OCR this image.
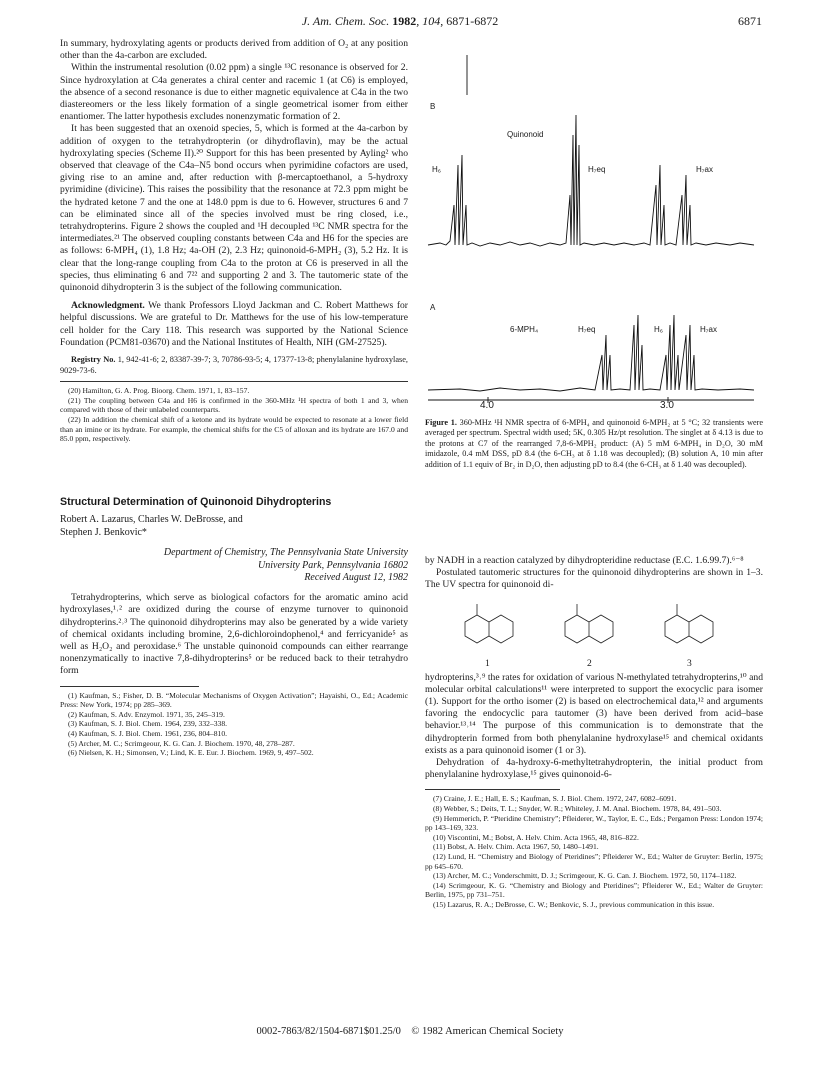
J. Am. Chem. Soc. 1982, 104, 6871-6872	6871

In summary, hydroxylating agents or products derived from addition of O₂ at any position other than the 4a-carbon are excluded.

Within the instrumental resolution (0.02 ppm) a single ¹³C resonance is observed for 2. Since hydroxylation at C4a generates a chiral center and racemic 1 (at C6) is employed, the absence of a second resonance is due to either magnetic equivalence at C4a in the two diastereomers or the less likely formation of a single geometrical isomer from either enantiomer. The latter hypothesis excludes nonenzymatic formation of 2.

It has been suggested that an oxenoid species, 5, which is formed at the 4a-carbon by addition of oxygen to the tetrahydropterin (or dihydroflavin), may be the actual hydroxylating species (Scheme II).²⁰ Support for this has been presented by Ayling² who observed that cleavage of the C4a–N5 bond occurs when pyrimidine cofactors are used, giving rise to an amine and, after reduction with β-mercaptoethanol, a 5-hydroxy pyrimidine (divicine). This raises the possibility that the resonance at 72.3 ppm might be the hydrated ketone 7 and the one at 148.0 ppm is due to 6. However, structures 6 and 7 can be eliminated since all of the species involved must be ring closed, i.e., tetrahydropterins. Figure 2 shows the coupled and ¹H decoupled ¹³C NMR spectra for the intermediates.²¹ The observed coupling constants between C4a and H6 for the species are as follows: 6-MPH₄ (1), 1.8 Hz; 4a-OH (2), 2.3 Hz; quinonoid-6-MPH₂ (3), 5.2 Hz. It is clear that the long-range coupling from C4a to the proton at C6 is preserved in all the species, thus eliminating 6 and 7²² and supporting 2 and 3. The tautomeric state of the quinonoid dihydropterin 3 is the subject of the following communication.

Acknowledgment. We thank Professors Lloyd Jackman and C. Robert Matthews for helpful discussions. We are grateful to Dr. Matthews for the use of his low-temperature cell holder for the Cary 118. This research was supported by the National Science Foundation (PCM81-03670) and the National Institutes of Health, NIH (GM-27525).

Registry No. 1, 942-41-6; 2, 83387-39-7; 3, 70786-93-5; 4, 17377-13-8; phenylalanine hydroxylase, 9029-73-6.

(20) Hamilton, G. A. Prog. Bioorg. Chem. 1971, 1, 83–157.

(21) The coupling between C4a and H6 is confirmed in the 360-MHz ¹H spectra of both 1 and 3, when compared with those of their unlabeled counterparts.

(22) In addition the chemical shift of a ketone and its hydrate would be expected to resonate at a lower field than an imine or its hydrate. For example, the chemical shifts for the C5 of alloxan and its hydrate are 167.0 and 85.0 ppm, respectively.

Structural Determination of Quinonoid Dihydropterins
Robert A. Lazarus, Charles W. DeBrosse, and
Stephen J. Benkovic*
Department of Chemistry, The Pennsylvania State University
University Park, Pennsylvania 16802
Received August 12, 1982

Tetrahydropterins, which serve as biological cofactors for the aromatic amino acid hydroxylases,¹˒² are oxidized during the course of enzyme turnover to quinonoid dihydropterins.²˒³ The quinonoid dihydropterins may also be generated by a wide variety of chemical oxidants including bromine, 2,6-dichloroindophenol,⁴ and ferricyanide⁵ as well as H₂O₂ and peroxidase.⁶ The unstable quinonoid compounds can either rearrange nonenzymatically to inactive 7,8-dihydropterins⁵ or be reduced back to their tetrahydro form

(1) Kaufman, S.; Fisher, D. B. “Molecular Mechanisms of Oxygen Activation”; Hayaishi, O., Ed.; Academic Press: New York, 1974; pp 285–369.

(2) Kaufman, S. Adv. Enzymol. 1971, 35, 245–319.

(3) Kaufman, S. J. Biol. Chem. 1964, 239, 332–338.

(4) Kaufman, S. J. Biol. Chem. 1961, 236, 804–810.

(5) Archer, M. C.; Scrimgeour, K. G. Can. J. Biochem. 1970, 48, 278–287.

(6) Nielsen, K. H.; Simonsen, V.; Lind, K. E. Eur. J. Biochem. 1969, 9, 497–502.

B
Quinonoid
H₆	H₇eq	H₇ax
A
6-MPH₄	H₇eq	H₆	H₇ax
4.0	3.0
Figure 1. 360-MHz ¹H NMR spectra of 6-MPH₄ and quinonoid 6-MPH₂ at 5 °C; 32 transients were averaged per spectrum. Spectral width used; 5K, 0.305 Hz/pt resolution. The singlet at δ 4.13 is due to the protons at C7 of the rearranged 7,8-6-MPH₂ product: (A) 5 mM 6-MPH₄ in D₂O, 30 mM imidazole, 0.4 mM DSS, pD 8.4 (the 6-CH₃ at δ 1.18 was decoupled); (B) solution A, 10 min after addition of 1.1 equiv of Br₂ in D₂O, then adjusting pD to 8.4 (the 6-CH₃ at δ 1.40 was decoupled).

by NADH in a reaction catalyzed by dihydropteridine reductase (E.C. 1.6.99.7).⁶⁻⁸

Postulated tautomeric structures for the quinonoid dihydropterins are shown in 1–3. The UV spectra for quinonoid di-

1	2	3

hydropterins,³˒⁹ the rates for oxidation of various N-methylated tetrahydropterins,¹⁰ and molecular orbital calculations¹¹ were interpreted to support the exocyclic para isomer (1). Support for the ortho isomer (2) is based on electrochemical data,¹² and arguments favoring the endocyclic para tautomer (3) have been derived from acid–base behavior.¹³˒¹⁴ The purpose of this communication is to demonstrate that the dihydropterin formed from both phenylalanine hydroxylase¹⁵ and chemical oxidants exists as a para quinonoid isomer (1 or 3).

Dehydration of 4a-hydroxy-6-methyltetrahydropterin, the initial product from phenylalanine hydroxylase,¹⁵ gives quinonoid-6-

(7) Craine, J. E.; Hall, E. S.; Kaufman, S. J. Biol. Chem. 1972, 247, 6082–6091.

(8) Webber, S.; Deits, T. L.; Snyder, W. R.; Whiteley, J. M. Anal. Biochem. 1978, 84, 491–503.

(9) Hemmerich, P. “Pteridine Chemistry”; Pfleiderer, W., Taylor, E. C., Eds.; Pergamon Press: London 1974; pp 143–169, 323.

(10) Viscontini, M.; Bobst, A. Helv. Chim. Acta 1965, 48, 816–822.

(11) Bobst, A. Helv. Chim. Acta 1967, 50, 1480–1491.

(12) Lund, H. “Chemistry and Biology of Pteridines”; Pfleiderer W., Ed.; Walter de Gruyter: Berlin, 1975; pp 645–670.

(13) Archer, M. C.; Vonderschmitt, D. J.; Scrimgeour, K. G. Can. J. Biochem. 1972, 50, 1174–1182.

(14) Scrimgeour, K. G. “Chemistry and Biology and Pteridines”; Pfleiderer W., Ed.; Walter de Gruyter: Berlin, 1975, pp 731–751.

(15) Lazarus, R. A.; DeBrosse, C. W.; Benkovic, S. J., previous communication in this issue.

0002-7863/82/1504-6871$01.25/0 © 1982 American Chemical Society
